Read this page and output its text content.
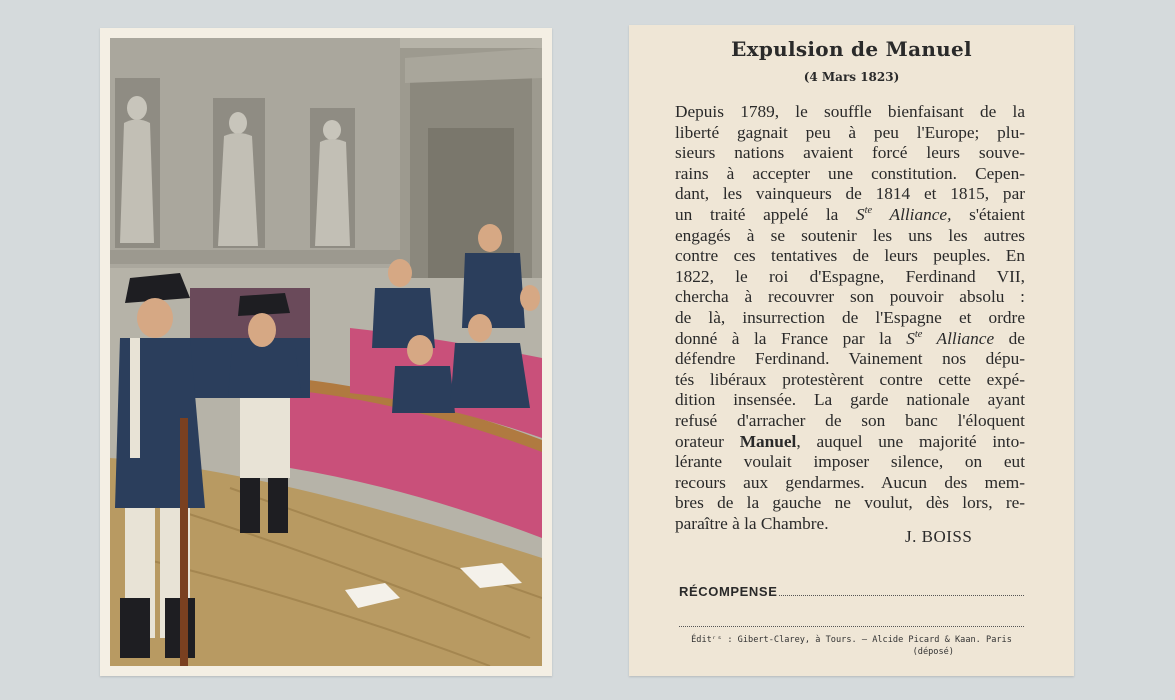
Expulsion de Manuel
(4 Mars 1823)
Depuis 1789, le souffle bienfaisant de la
liberté gagnait peu à peu l'Europe; plu-
sieurs nations avaient forcé leurs souve-
rains à accepter une constitution. Cepen-
dant, les vainqueurs de 1814 et 1815, par
un traité appelé la $S^{te}$ Alliance, s'étaient
engagés à se soutenir les uns les autres
contre ces tentatives de leurs peuples. En
1822, le roi d'Espagne, Ferdinand VII,
chercha à recouvrer son pouvoir absolu :
de là, insurrection de l'Espagne et ordre
donné à la France par la $S^{te}$ Alliance de
défendre Ferdinand. Vainement nos dépu-
tés libéraux protestèrent contre cette expé-
dition insensée. La garde nationale ayant
refusé d'arracher de son banc l'éloquent
orateur Manuel, auquel une majorité into-
lérante voulait imposer silence, on eut
recours aux gendarmes. Aucun des mem-
bres de la gauche ne voulut, dès lors, re-
paraître à la Chambre.
J. BOISS
RÉCOMPENSE
Éditʳˢ : Gibert-Clarey, à Tours. — Alcide Picard & Kaan. Paris
(déposé)
